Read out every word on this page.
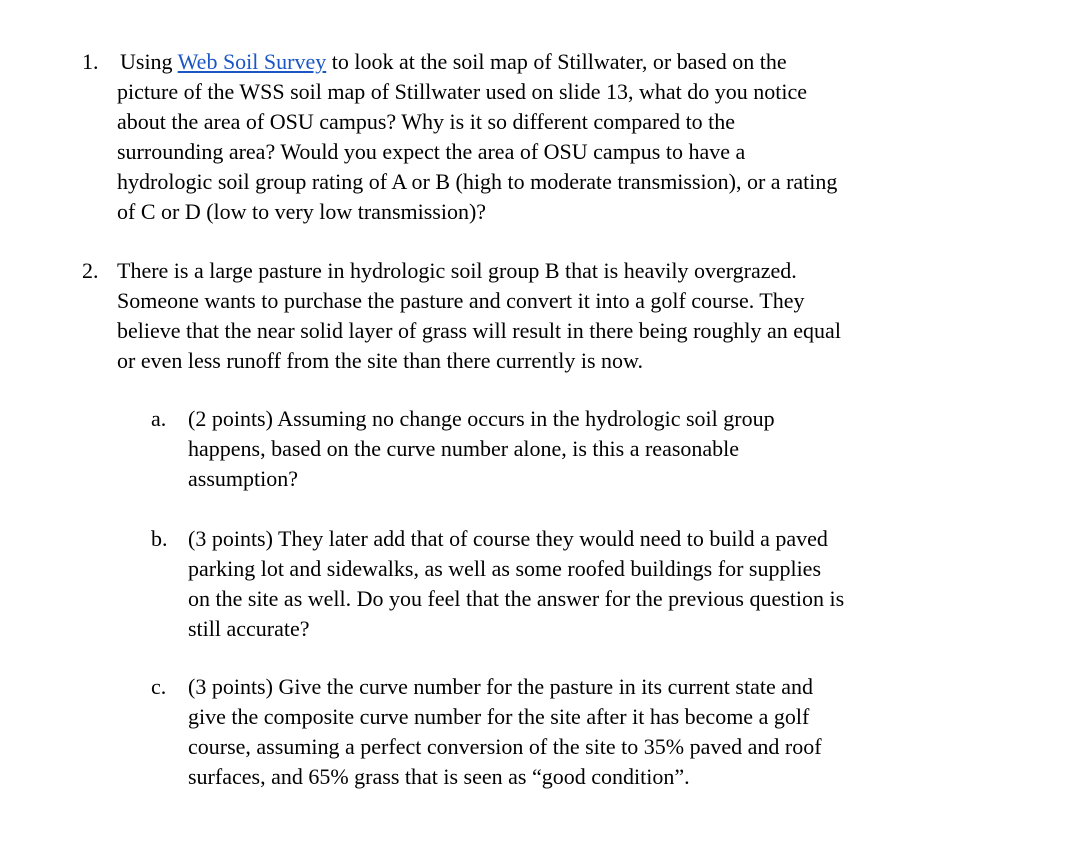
1. Using Web Soil Survey to look at the soil map of Stillwater, or based on the
picture of the WSS soil map of Stillwater used on slide 13, what do you notice
about the area of OSU campus? Why is it so different compared to the
surrounding area? Would you expect the area of OSU campus to have a
hydrologic soil group rating of A or B (high to moderate transmission), or a rating
of C or D (low to very low transmission)?
2. There is a large pasture in hydrologic soil group B that is heavily overgrazed.
Someone wants to purchase the pasture and convert it into a golf course. They
believe that the near solid layer of grass will result in there being roughly an equal
or even less runoff from the site than there currently is now.
a. (2 points) Assuming no change occurs in the hydrologic soil group
happens, based on the curve number alone, is this a reasonable
assumption?
b. (3 points) They later add that of course they would need to build a paved
parking lot and sidewalks, as well as some roofed buildings for supplies
on the site as well. Do you feel that the answer for the previous question is
still accurate?
c. (3 points) Give the curve number for the pasture in its current state and
give the composite curve number for the site after it has become a golf
course, assuming a perfect conversion of the site to 35% paved and roof
surfaces, and 65% grass that is seen as “good condition”.
